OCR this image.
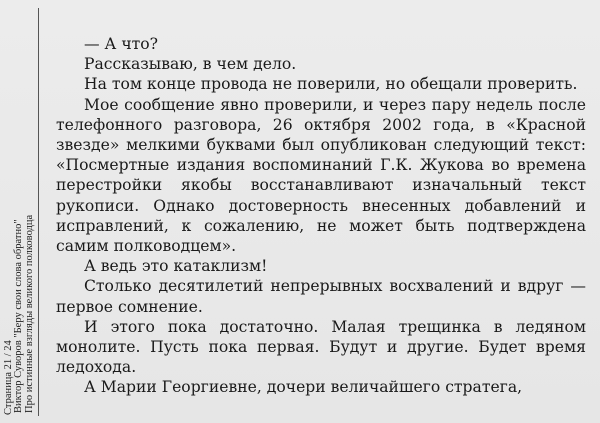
Страница 21 / 24 Виктор Суворов "Беру свои слова обратно" Про истинные взгляды великого полководца

— А что?

Рассказываю, в чем дело.

На том конце провода не поверили, но обещали проверить.

Мое сообщение явно проверили, и через пару недель после телефонного разговора, 26 октября 2002 года, в «Красной звезде» мелкими буквами был опубликован следующий текст: «Посмертные издания воспоминаний Г.К. Жукова во времена перестройки якобы восстанавливают изначальный текст рукописи. Однако достоверность внесенных добавлений и исправлений, к сожалению, не может быть подтверждена самим полководцем».

А ведь это катаклизм!

Столько десятилетий непрерывных восхвалений и вдруг — первое сомнение.

И этого пока достаточно. Малая трещинка в ледяном монолите. Пусть пока первая. Будут и другие. Будет время ледохода.

А Марии Георгиевне, дочери величайшего стратега,
